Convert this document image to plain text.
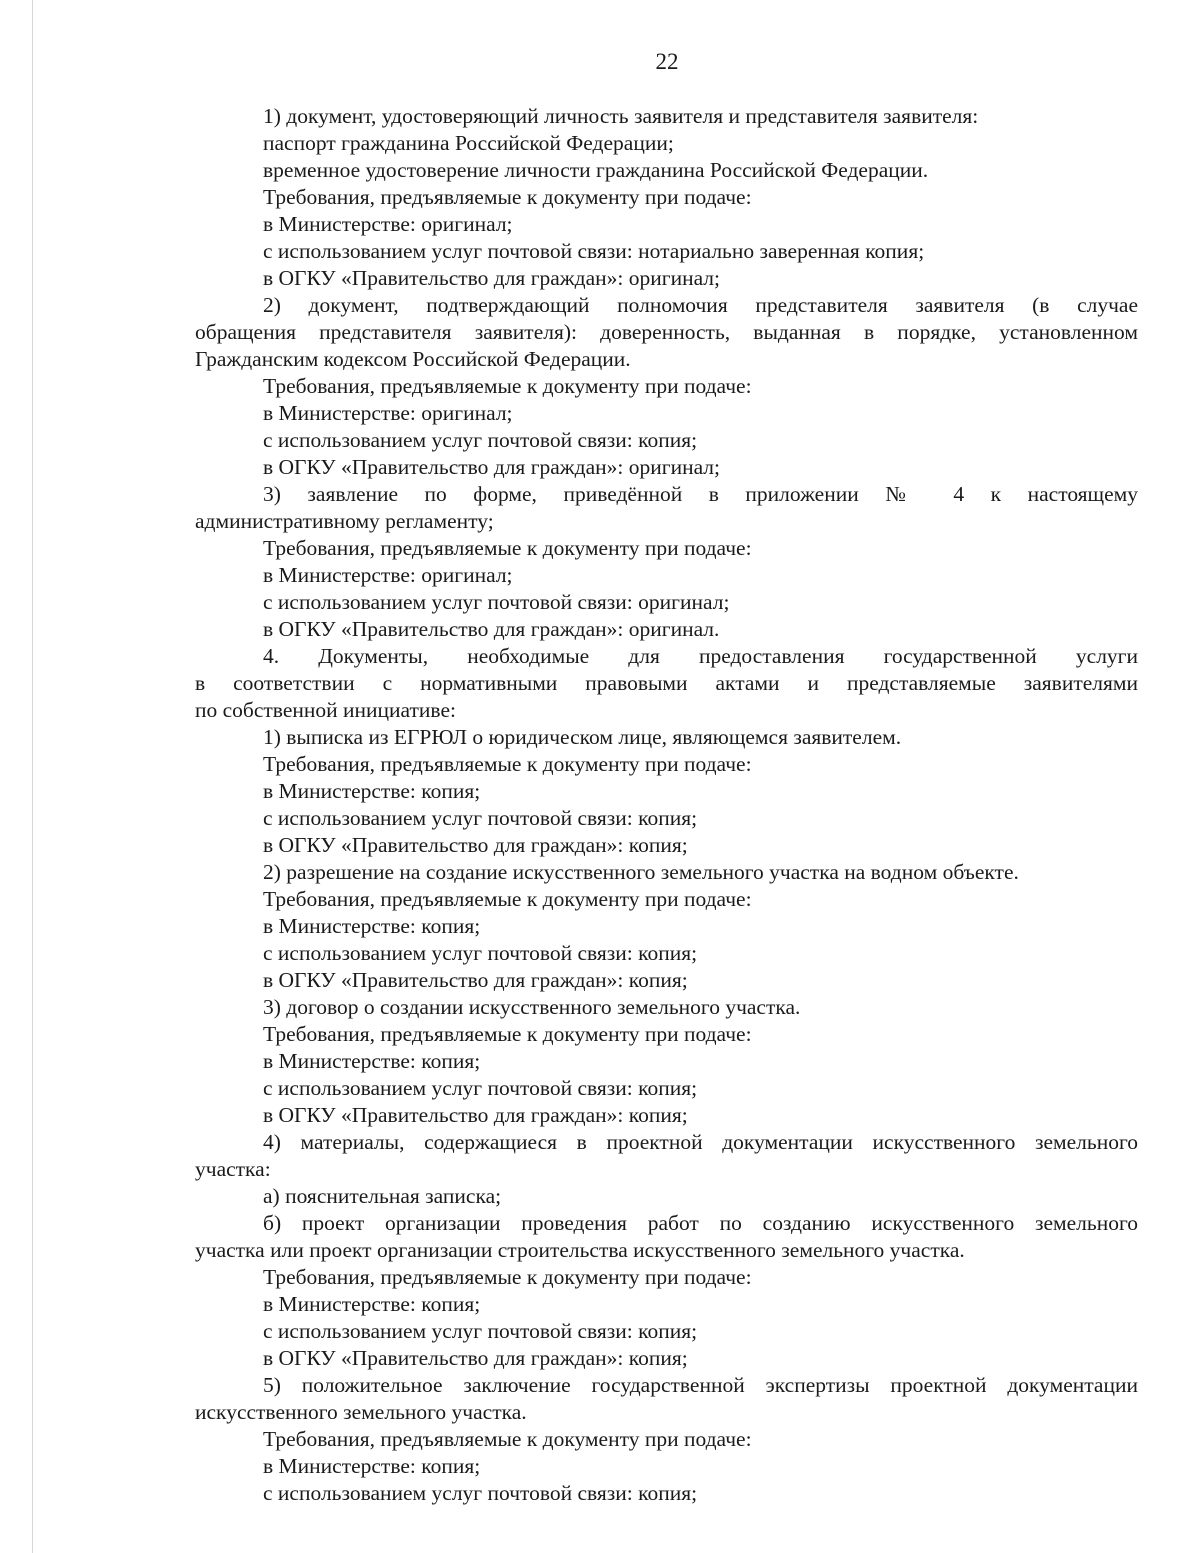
22
1) документ, удостоверяющий личность заявителя и представителя заявителя:
паспорт гражданина Российской Федерации;
временное удостоверение личности гражданина Российской Федерации.
Требования, предъявляемые к документу при подаче:
в Министерстве: оригинал;
с использованием услуг почтовой связи: нотариально заверенная копия;
в ОГКУ «Правительство для граждан»: оригинал;
2) документ, подтверждающий полномочия представителя заявителя (в случае
обращения представителя заявителя): доверенность, выданная в порядке, установленном
Гражданским кодексом Российской Федерации.
Требования, предъявляемые к документу при подаче:
в Министерстве: оригинал;
с использованием услуг почтовой связи: копия;
в ОГКУ «Правительство для граждан»: оригинал;
3) заявление по форме, приведённой в приложении № 4 к настоящему
административному регламенту;
Требования, предъявляемые к документу при подаче:
в Министерстве: оригинал;
с использованием услуг почтовой связи: оригинал;
в ОГКУ «Правительство для граждан»: оригинал.
4. Документы, необходимые для предоставления государственной услуги
в соответствии с нормативными правовыми актами и представляемые заявителями
по собственной инициативе:
1) выписка из ЕГРЮЛ о юридическом лице, являющемся заявителем.
Требования, предъявляемые к документу при подаче:
в Министерстве: копия;
с использованием услуг почтовой связи: копия;
в ОГКУ «Правительство для граждан»: копия;
2) разрешение на создание искусственного земельного участка на водном объекте.
Требования, предъявляемые к документу при подаче:
в Министерстве: копия;
с использованием услуг почтовой связи: копия;
в ОГКУ «Правительство для граждан»: копия;
3) договор о создании искусственного земельного участка.
Требования, предъявляемые к документу при подаче:
в Министерстве: копия;
с использованием услуг почтовой связи: копия;
в ОГКУ «Правительство для граждан»: копия;
4) материалы, содержащиеся в проектной документации искусственного земельного
участка:
а) пояснительная записка;
б) проект организации проведения работ по созданию искусственного земельного
участка или проект организации строительства искусственного земельного участка.
Требования, предъявляемые к документу при подаче:
в Министерстве: копия;
с использованием услуг почтовой связи: копия;
в ОГКУ «Правительство для граждан»: копия;
5) положительное заключение государственной экспертизы проектной документации
искусственного земельного участка.
Требования, предъявляемые к документу при подаче:
в Министерстве: копия;
с использованием услуг почтовой связи: копия;
